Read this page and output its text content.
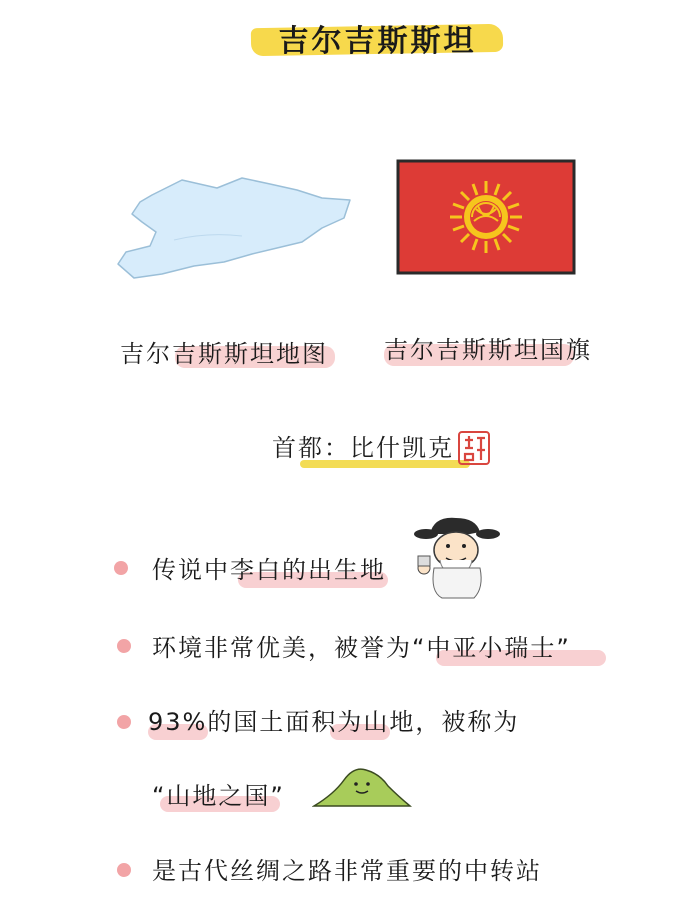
吉尔吉斯斯坦
吉尔吉斯斯坦地图 吉尔吉斯斯坦国旗
首都：比什凯克
传说中李白的出生地
环境非常优美，被誉为“中亚小瑞士”
93%的国土面积为山地，被称为
“山地之国”
是古代丝绸之路非常重要的中转站
